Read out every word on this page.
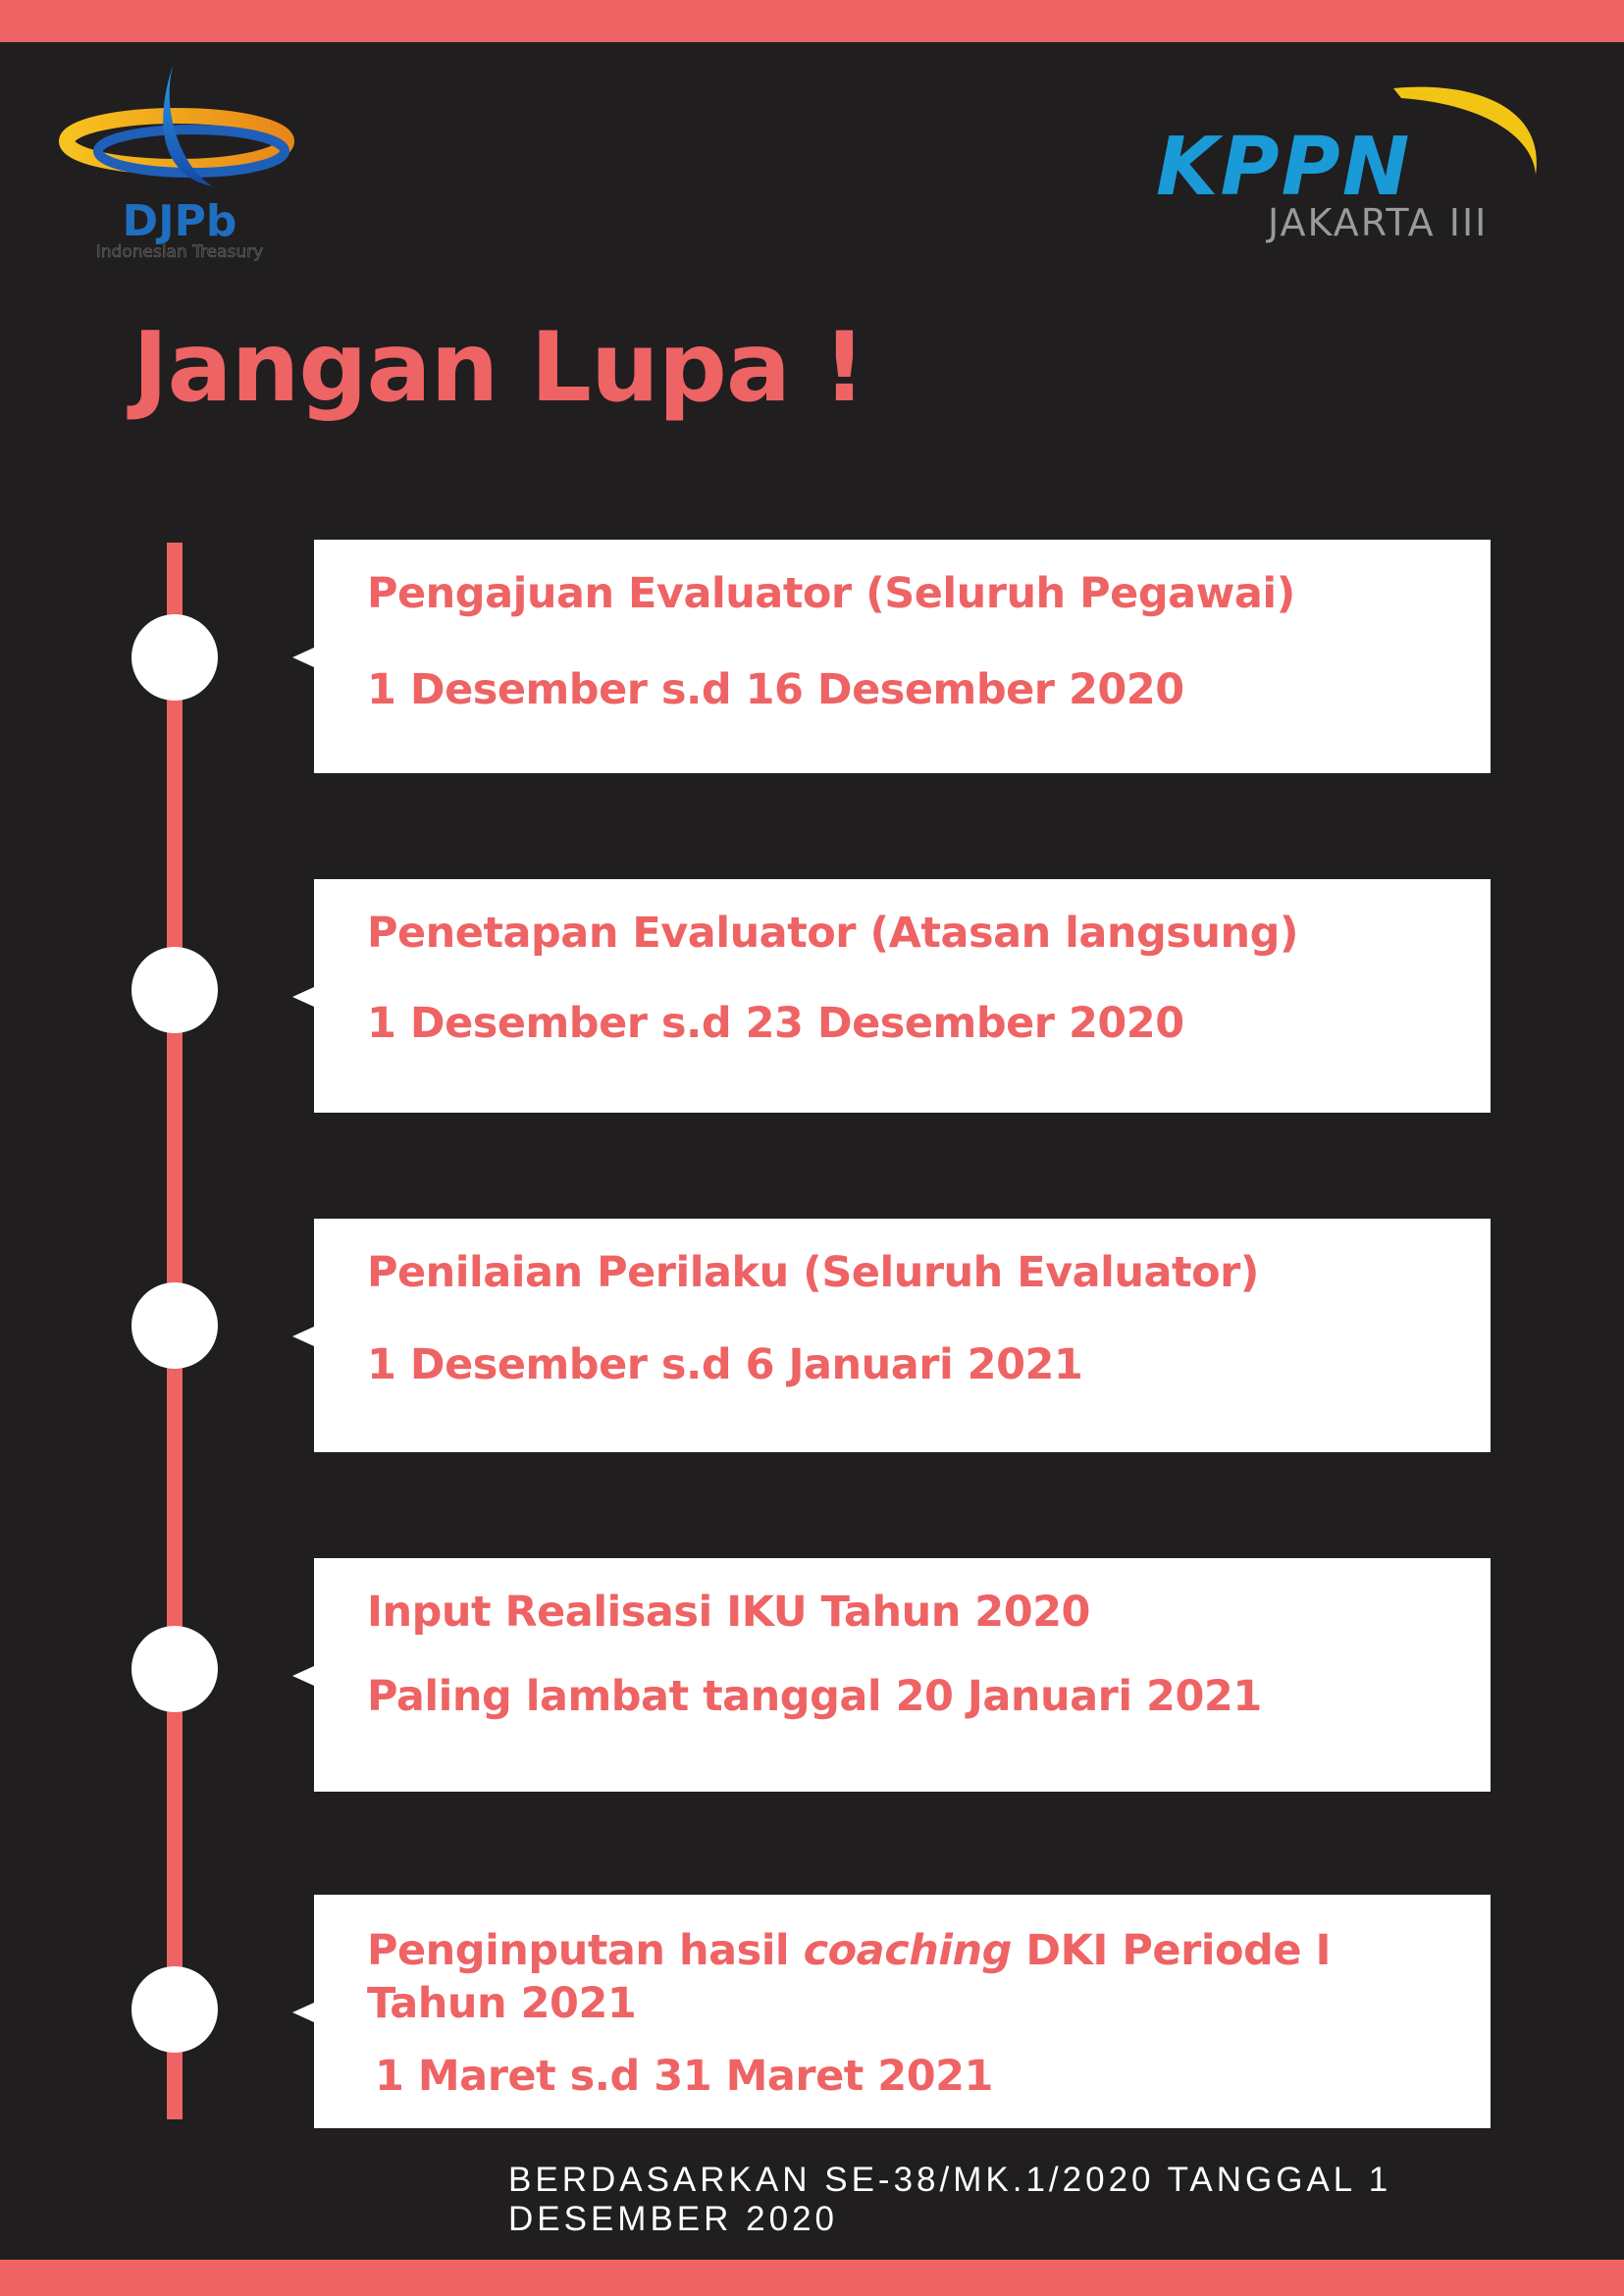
DJPb
Indonesian Treasury
KPPN
JAKARTA III
Jangan Lupa !

Pengajuan Evaluator (Seluruh Pegawai)

1 Desember s.d 16 Desember 2020

Penetapan Evaluator (Atasan langsung)

1 Desember s.d 23 Desember 2020

Penilaian Perilaku (Seluruh Evaluator)

1 Desember s.d 6 Januari 2021

Input Realisasi IKU Tahun 2020

Paling lambat tanggal 20 Januari 2021

Penginputan hasil coaching DKI Periode I Tahun 2021

1 Maret s.d 31 Maret 2021

BERDASARKAN SE-38/MK.1/2020 TANGGAL 1 DESEMBER 2020
